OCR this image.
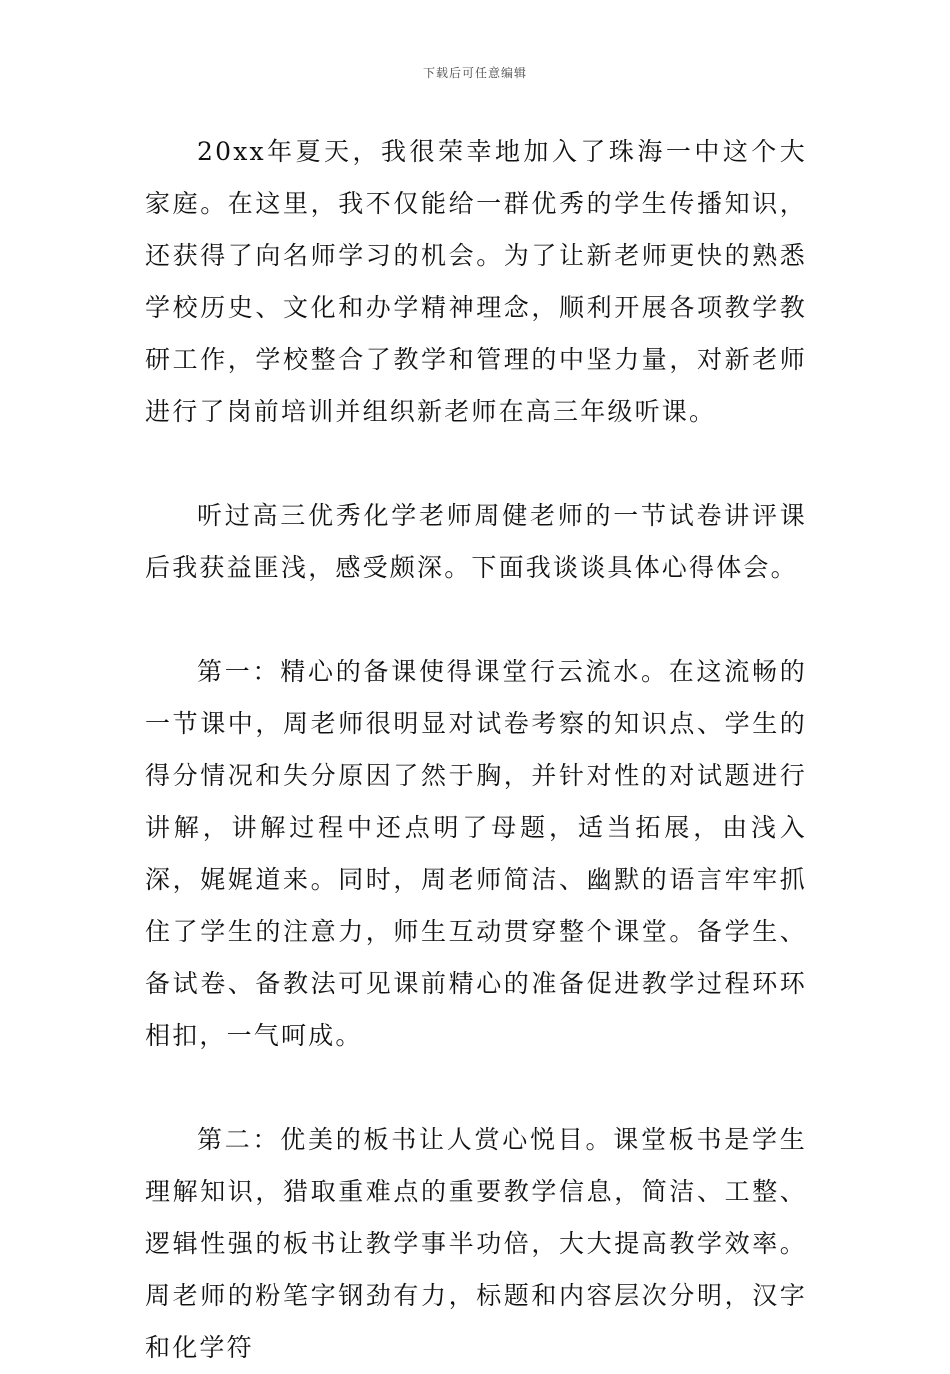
下载后可任意编辑

20xx年夏天，我很荣幸地加入了珠海一中这个大家庭。在这里，我不仅能给一群优秀的学生传播知识，还获得了向名师学习的机会。为了让新老师更快的熟悉学校历史、文化和办学精神理念，顺利开展各项教学教研工作，学校整合了教学和管理的中坚力量，对新老师进行了岗前培训并组织新老师在高三年级听课。

听过高三优秀化学老师周健老师的一节试卷讲评课后我获益匪浅，感受颇深。下面我谈谈具体心得体会。

第一：精心的备课使得课堂行云流水。在这流畅的一节课中，周老师很明显对试卷考察的知识点、学生的得分情况和失分原因了然于胸，并针对性的对试题进行讲解，讲解过程中还点明了母题，适当拓展，由浅入深，娓娓道来。同时，周老师简洁、幽默的语言牢牢抓住了学生的注意力，师生互动贯穿整个课堂。备学生、备试卷、备教法可见课前精心的准备促进教学过程环环相扣，一气呵成。

第二：优美的板书让人赏心悦目。课堂板书是学生理解知识，猎取重难点的重要教学信息，简洁、工整、逻辑性强的板书让教学事半功倍，大大提高教学效率。周老师的粉笔字钢劲有力，标题和内容层次分明，汉字和化学符
